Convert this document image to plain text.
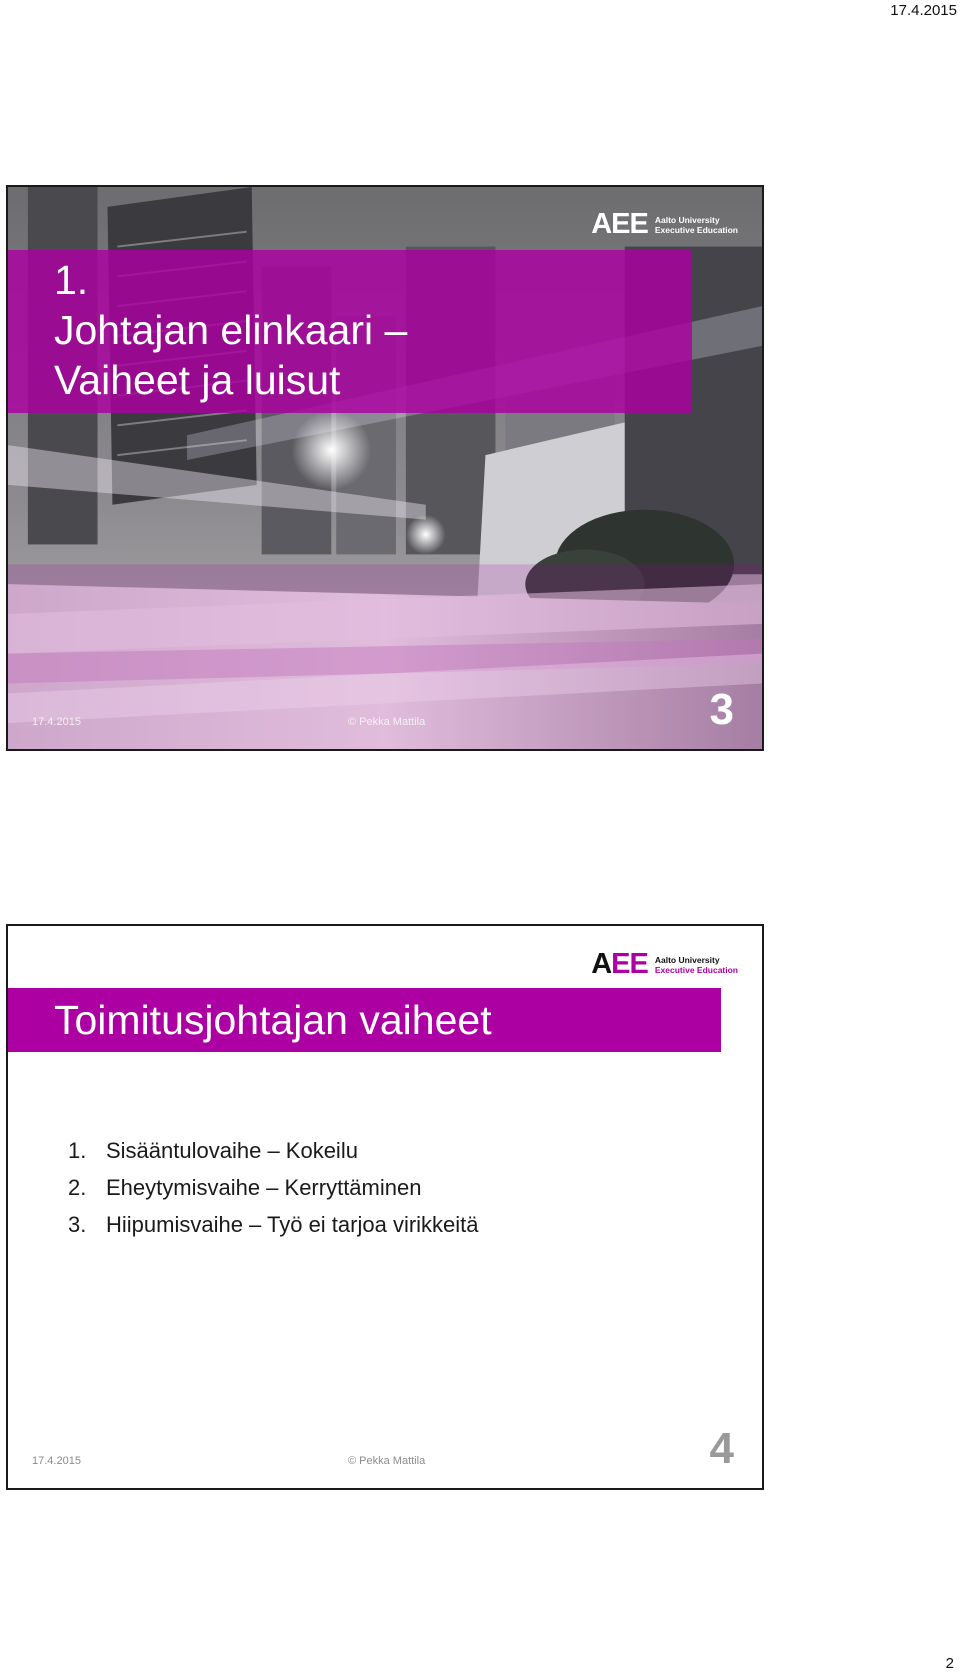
17.4.2015
1.
Johtajan elinkaari –
Vaiheet ja luisut
AEE Aalto University
Executive Education
17.4.2015	© Pekka Mattila	3
AEE Aalto University
Executive Education
Toimitusjohtajan vaiheet
1. Sisääntulovaihe – Kokeilu
2. Eheytymisvaihe – Kerryttäminen
3. Hiipumisvaihe – Työ ei tarjoa virikkeitä
17.4.2015	© Pekka Mattila	4
2
